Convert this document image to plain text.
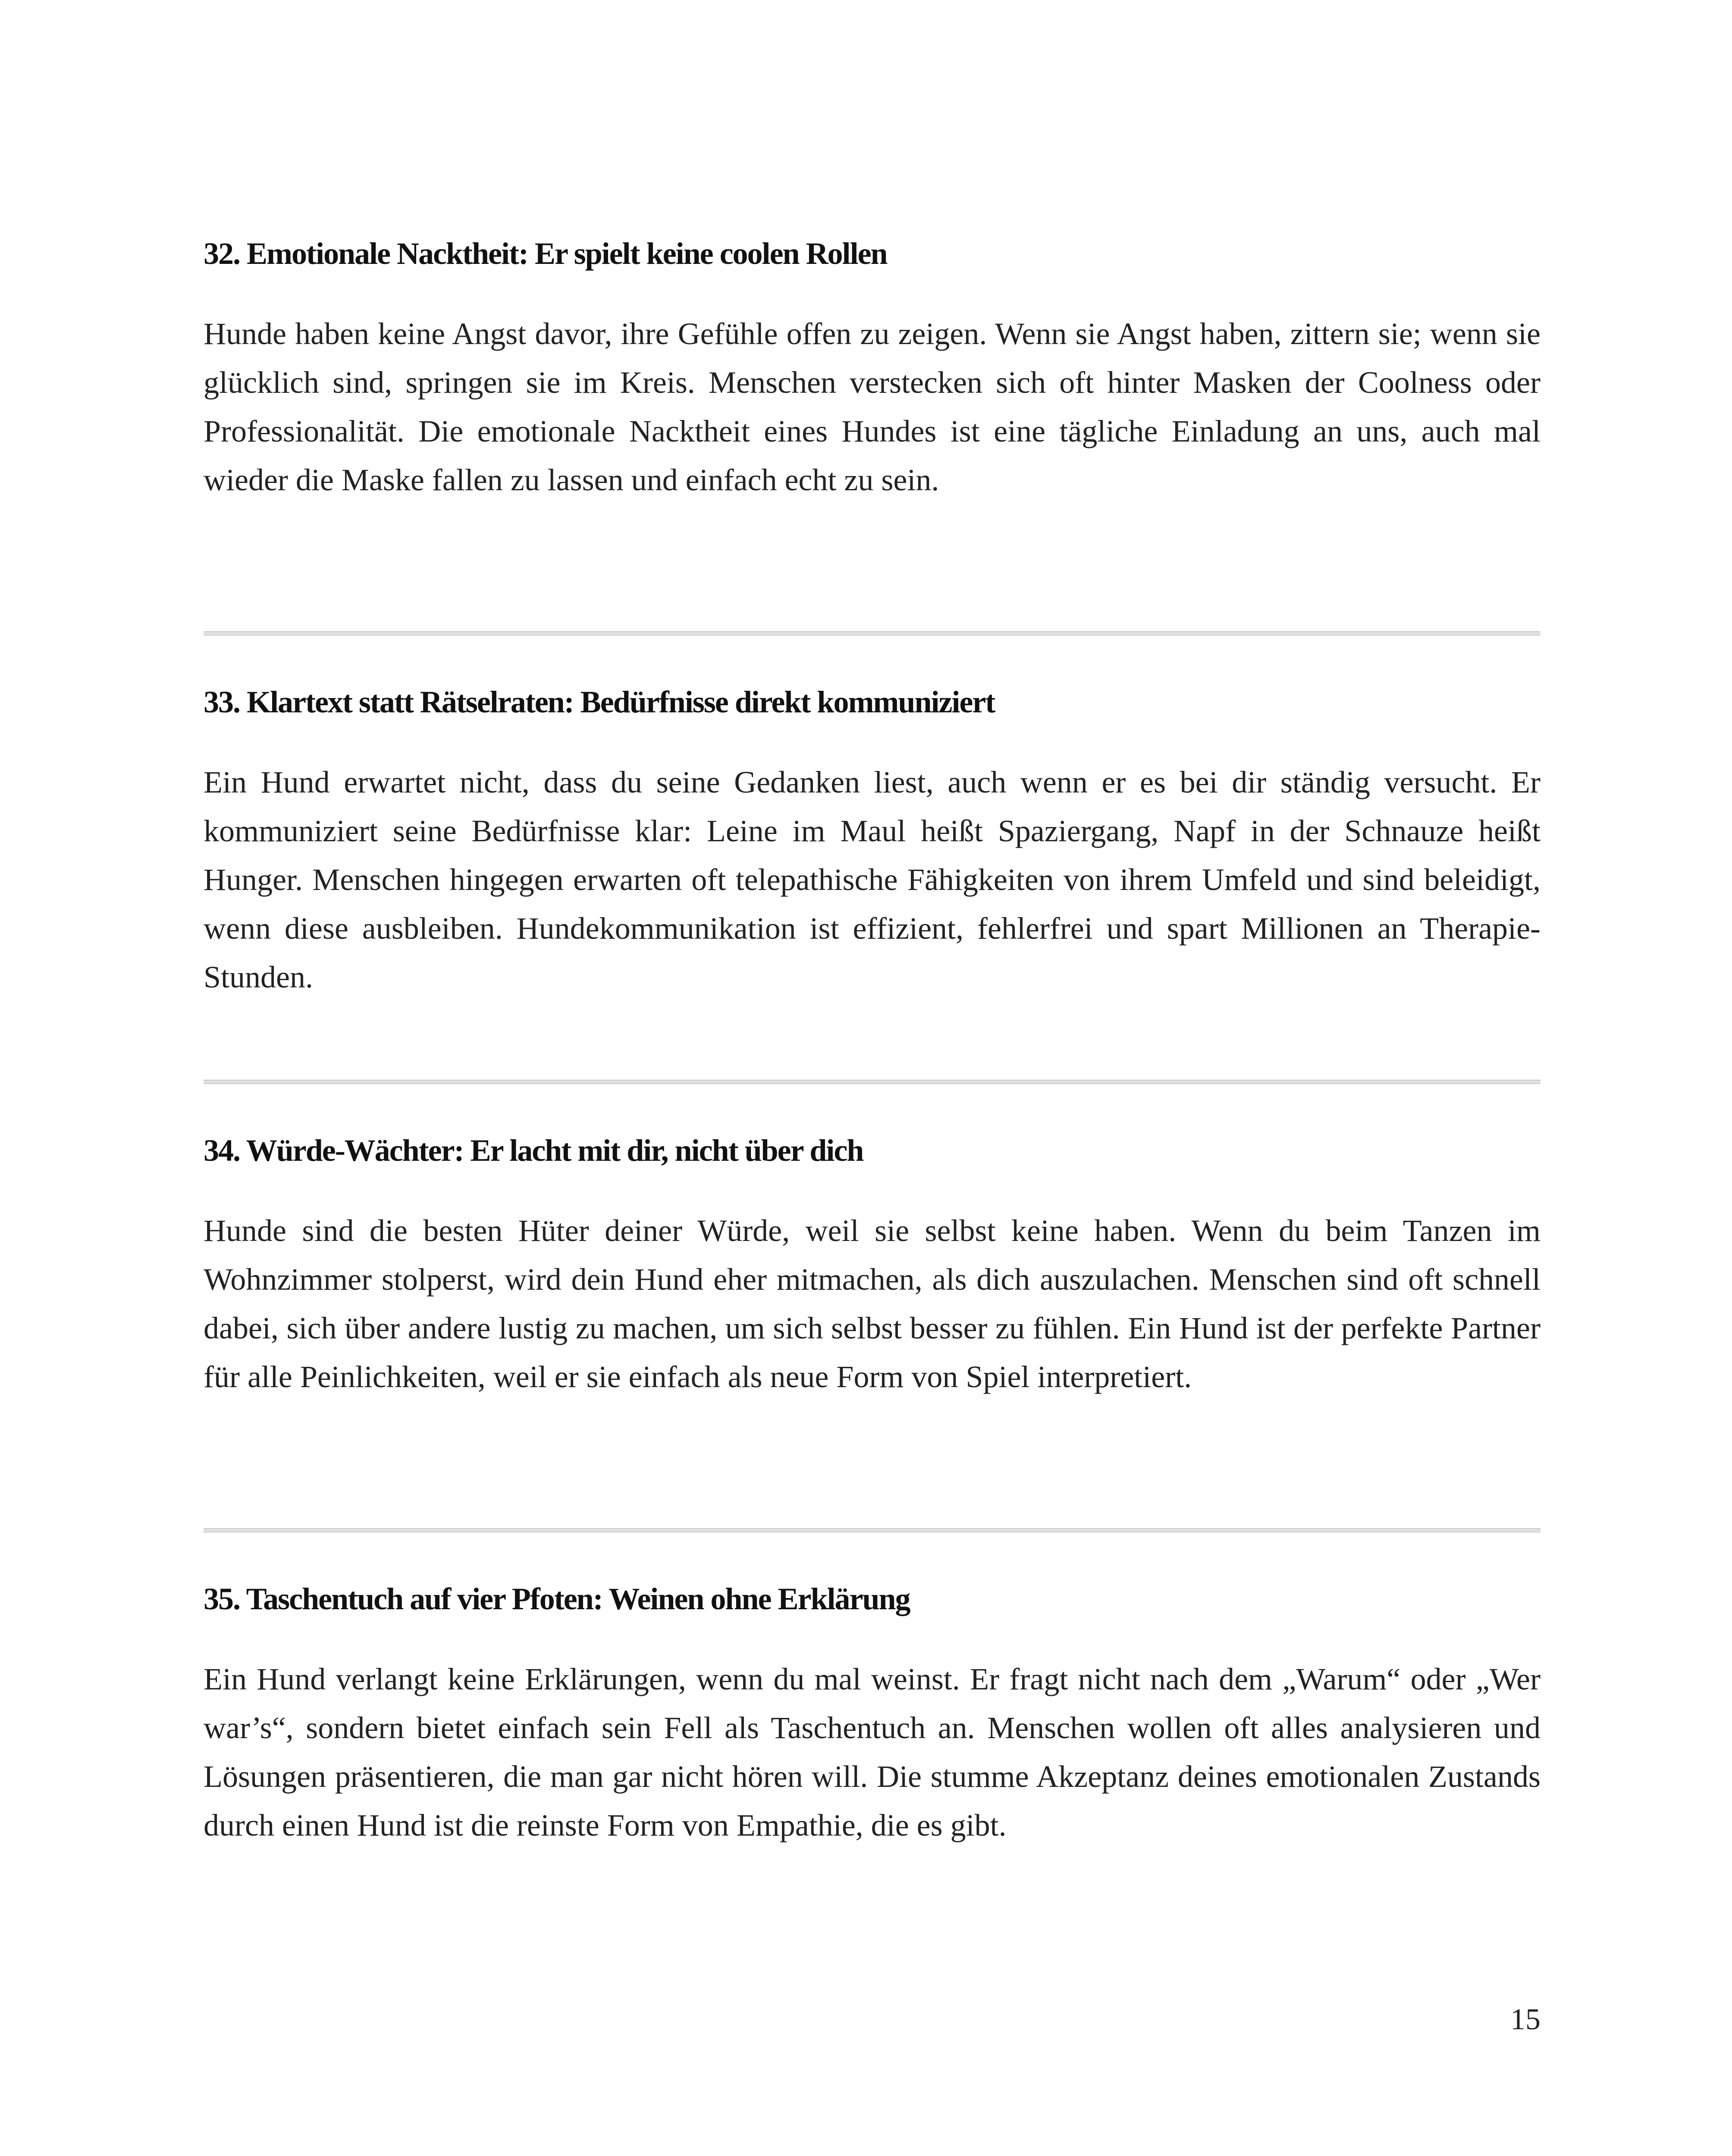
32. Emotionale Nacktheit: Er spielt keine coolen Rollen

Hunde haben keine Angst davor, ihre Gefühle offen zu zeigen. Wenn sie Angst haben, zittern sie; wenn sie glücklich sind, springen sie im Kreis. Menschen verstecken sich oft hinter Masken der Coolness oder Professionalität. Die emotionale Nacktheit eines Hundes ist eine tägliche Einladung an uns, auch mal wieder die Maske fallen zu lassen und einfach echt zu sein.

33. Klartext statt Rätselraten: Bedürfnisse direkt kommuniziert

Ein Hund erwartet nicht, dass du seine Gedanken liest, auch wenn er es bei dir ständig versucht. Er kommuniziert seine Bedürfnisse klar: Leine im Maul heißt Spaziergang, Napf in der Schnauze heißt Hunger. Menschen hingegen erwarten oft telepathische Fähigkeiten von ihrem Umfeld und sind beleidigt, wenn diese ausbleiben. Hundekommunikation ist effizient, fehlerfrei und spart Millionen an Therapie-Stunden.

34. Würde-Wächter: Er lacht mit dir, nicht über dich

Hunde sind die besten Hüter deiner Würde, weil sie selbst keine haben. Wenn du beim Tanzen im Wohnzimmer stolperst, wird dein Hund eher mitmachen, als dich auszulachen. Menschen sind oft schnell dabei, sich über andere lustig zu machen, um sich selbst besser zu fühlen. Ein Hund ist der perfekte Partner für alle Peinlichkeiten, weil er sie einfach als neue Form von Spiel interpretiert.

35. Taschentuch auf vier Pfoten: Weinen ohne Erklärung

Ein Hund verlangt keine Erklärungen, wenn du mal weinst. Er fragt nicht nach dem „Warum“ oder „Wer war’s“, sondern bietet einfach sein Fell als Taschentuch an. Menschen wollen oft alles analysieren und Lösungen präsentieren, die man gar nicht hören will. Die stumme Akzeptanz deines emotionalen Zustands durch einen Hund ist die reinste Form von Empathie, die es gibt.

15
